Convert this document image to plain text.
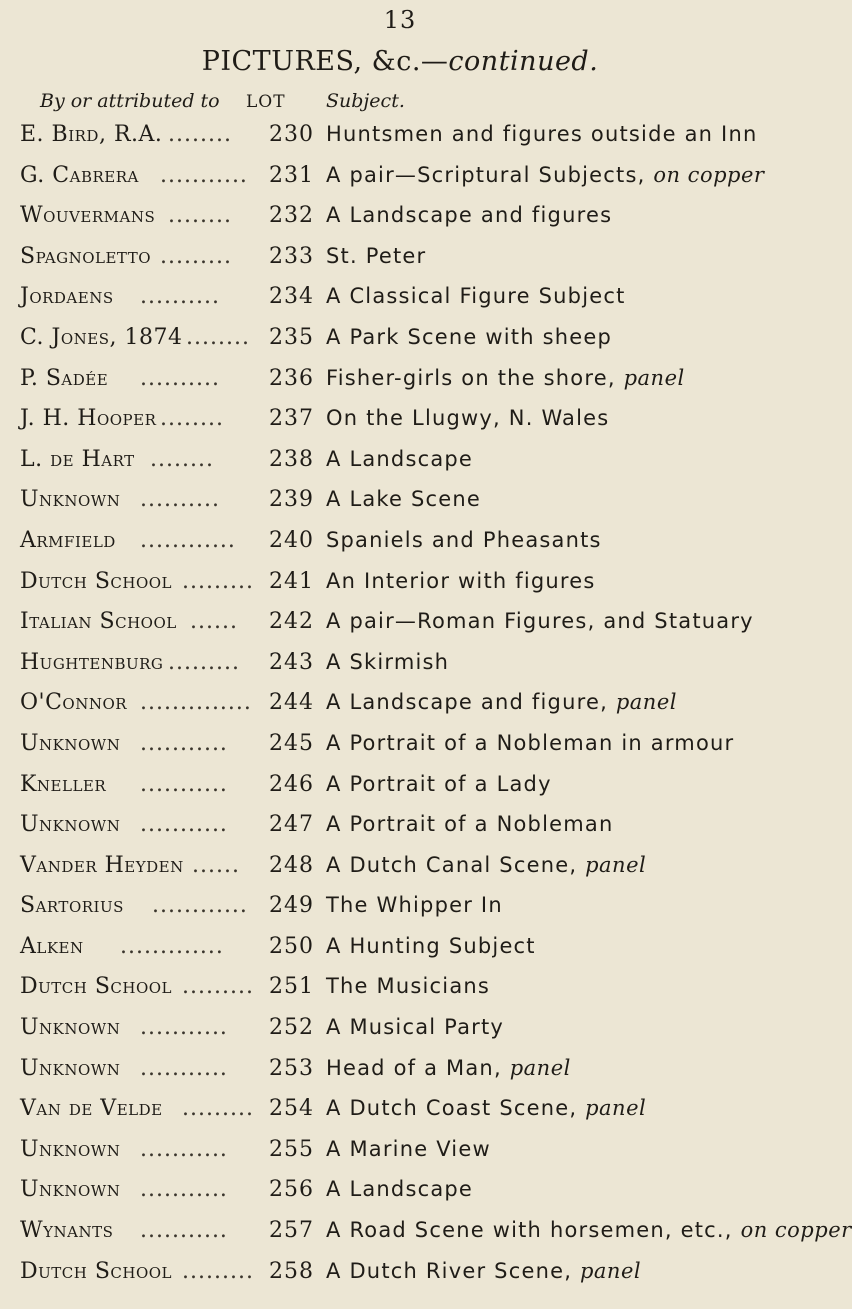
13
PICTURES, &c.—continued.
By or attributed to LOT Subject.
E. Bird, R.A. ........	230 Huntsmen and figures outside an Inn
G. Cabrera ........... 231 A pair—Scriptural Subjects, on copper
Wouvermans ........	232 A Landscape and figures
Spagnoletto .........	233 St. Peter
Jordaens ..........	234 A Classical Figure Subject
C. Jones, 1874 ........ 235 A Park Scene with sheep
P. Sadée ..........	236 Fisher-girls on the shore, panel
J. H. Hooper ........	237 On the Llugwy, N. Wales
L. de Hart ........	238 A Landscape
Unknown ..........	239 A Lake Scene
Armfield ............	240 Spaniels and Pheasants
Dutch School ......... 241 An Interior with figures
Italian School ......	242 A pair—Roman Figures, and Statuary
Hughtenburg .........	243 A Skirmish
O'Connor .............. 244 A Landscape and figure, panel
Unknown ...........	245 A Portrait of a Nobleman in armour
Kneller ...........	246 A Portrait of a Lady
Unknown ...........	247 A Portrait of a Nobleman
Vander Heyden ......	248 A Dutch Canal Scene, panel
Sartorius ............ 249 The Whipper In
Alken .............	250 A Hunting Subject
Dutch School ......... 251 The Musicians
Unknown ...........	252 A Musical Party
Unknown ...........	253 Head of a Man, panel
Van de Velde ......... 254 A Dutch Coast Scene, panel
Unknown ...........	255 A Marine View
Unknown ...........	256 A Landscape
Wynants ...........	257 A Road Scene with horsemen, etc., on copper
Dutch School ......... 258 A Dutch River Scene, panel
